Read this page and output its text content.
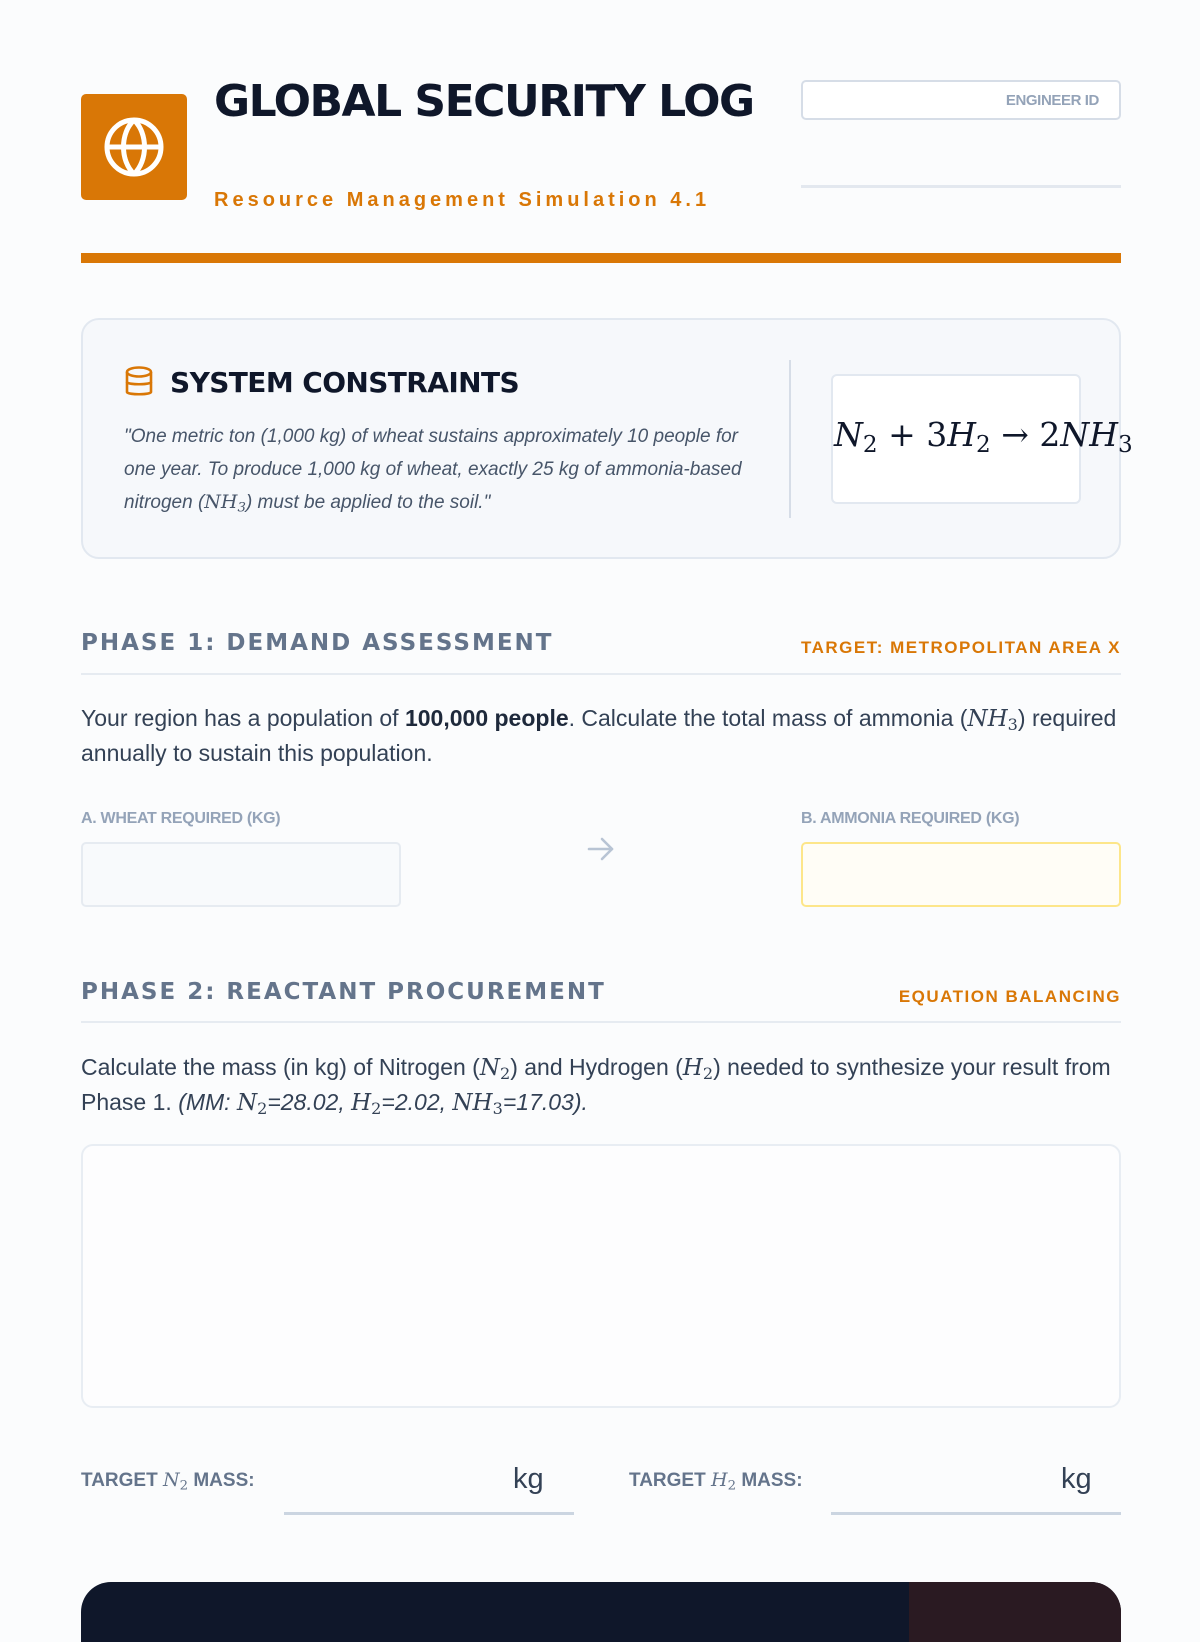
GLOBAL SECURITY LOG
Resource Management Simulation 4.1
ENGINEER ID
SYSTEM CONSTRAINTS

"One metric ton (1,000 kg) of wheat sustains approximately 10 people for one year. To produce 1,000 kg of wheat, exactly 25 kg of ammonia-based nitrogen $(NH_3)$ must be applied to the soil."

$N_2 + 3H_2 \to 2NH_3$
PHASE 1: DEMAND ASSESSMENT	TARGET: METROPOLITAN AREA X

Your region has a population of 100,000 people. Calculate the total mass of ammonia $(NH_3)$ required annually to sustain this population.

A. WHEAT REQUIRED (KG)	B. AMMONIA REQUIRED (KG)
PHASE 2: REACTANT PROCUREMENT	EQUATION BALANCING

Calculate the mass (in kg) of Nitrogen $(N_2)$ and Hydrogen $(H_2)$ needed to synthesize your result from Phase 1. (MM: $N_2=28.02$, $H_2=2.02$, $NH_3=17.03$).

TARGET $N_2$ MASS:	kg	TARGET $H_2$ MASS:	kg
